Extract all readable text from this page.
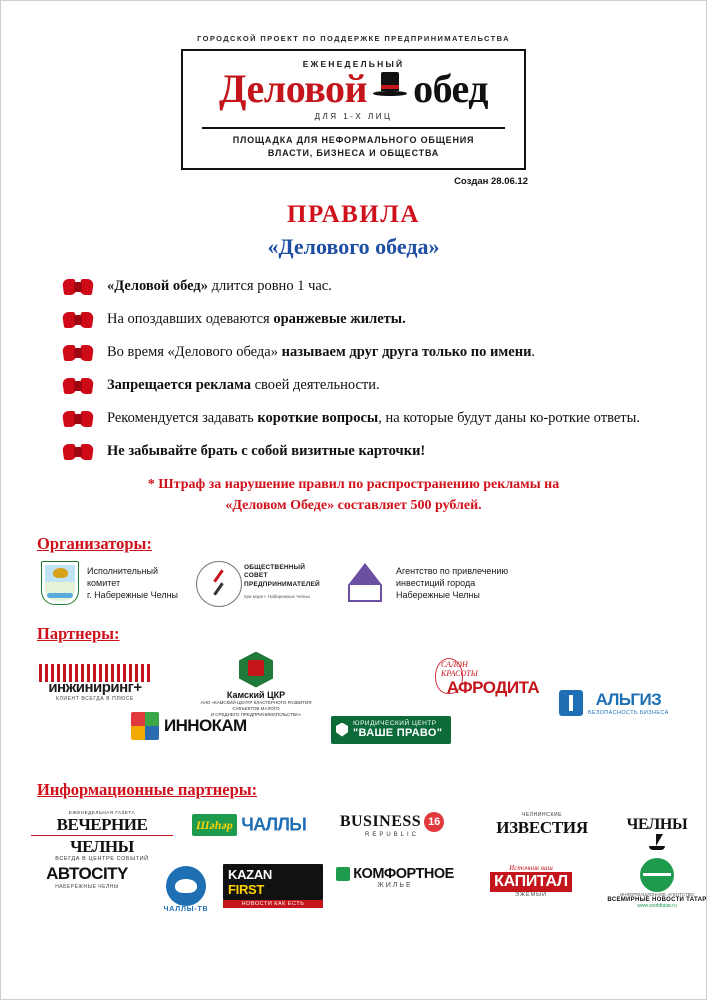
ГОРОДСКОЙ ПРОЕКТ ПО ПОДДЕРЖКЕ ПРЕДПРИНИМАТЕЛЬСТВА
ЕЖЕНЕДЕЛЬНЫЙ
Деловой обед
ДЛЯ 1-Х ЛИЦ
ПЛОЩАДКА ДЛЯ НЕФОРМАЛЬНОГО ОБЩЕНИЯ
ВЛАСТИ, БИЗНЕСА И ОБЩЕСТВА
Создан 28.06.12
ПРАВИЛА
«Делового обеда»
«Деловой обед» длится ровно 1 час.
На опоздавших одеваются оранжевые жилеты.
Во время «Делового обеда» называем друг друга только по имени.
Запрещается реклама своей деятельности.
Рекомендуется задавать короткие вопросы, на которые будут даны ко-роткие ответы.
Не забывайте брать с собой визитные карточки!
* Штраф за нарушение правил по распространению рекламы на
«Деловом Обеде» составляет 500 рублей.
Организаторы:
Исполнительный
комитет
г. Набережные Челны
ОБЩЕСТВЕННЫЙ
СОВЕТ
ПРЕДПРИНИМАТЕЛЕЙ
при мэре г. Набережные Челны
Агентство по привлечению
инвестиций города
Набережные Челны
Партнеры:
инжиниринг+
КЛИЕНТ ВСЕГДА В ПЛЮСЕ	Камский ЦКР
АНО «КАМСКИЙ ЦЕНТР КЛАСТЕРНОГО РАЗВИТИЯ
СУБЪЕКТОВ МАЛОГО
И СРЕДНЕГО ПРЕДПРИНИМАТЕЛЬСТВА»
ИННОКАМ	ЮРИДИЧЕСКИЙ ЦЕНТР
"ВАШЕ ПРАВО"
САЛОН
КРАСОТЫ
АФРОДИТА
АЛЬГИЗ
БЕЗОПАСНОСТЬ БИЗНЕСА
Информационные партнеры:
ЕЖЕНЕДЕЛЬНАЯ ГАЗЕТА
ВЕЧЕРНИЕ
ЧЕЛНЫ
ВСЕГДА В ЦЕНТРЕ СОБЫТИЙ
Шәһәр ЧАЛЛЫ	BUSINESS 16
REPUBLIC
ЧЕЛНИНСКИЕ
ИЗВЕСТИЯ	ЧЕЛНЫ
АВТОCITY
НАБЕРЕЖНЫЕ ЧЕЛНЫ
ЧАЛЛЫ-ТВ
KAZAN
FIRST
НОВОСТИ КАК ЕСТЬ
КОМФОРТНОЕ
ЖИЛЬЕ
Источник ваш
КАПИТАЛ
ЭЖЕМЫЙ	ИНФОРМАЦИОННОЕ АГЕНТСТВО
ВСЕМИРНЫЕ НОВОСТИ ТАТАР
www.worldtatar.ru
